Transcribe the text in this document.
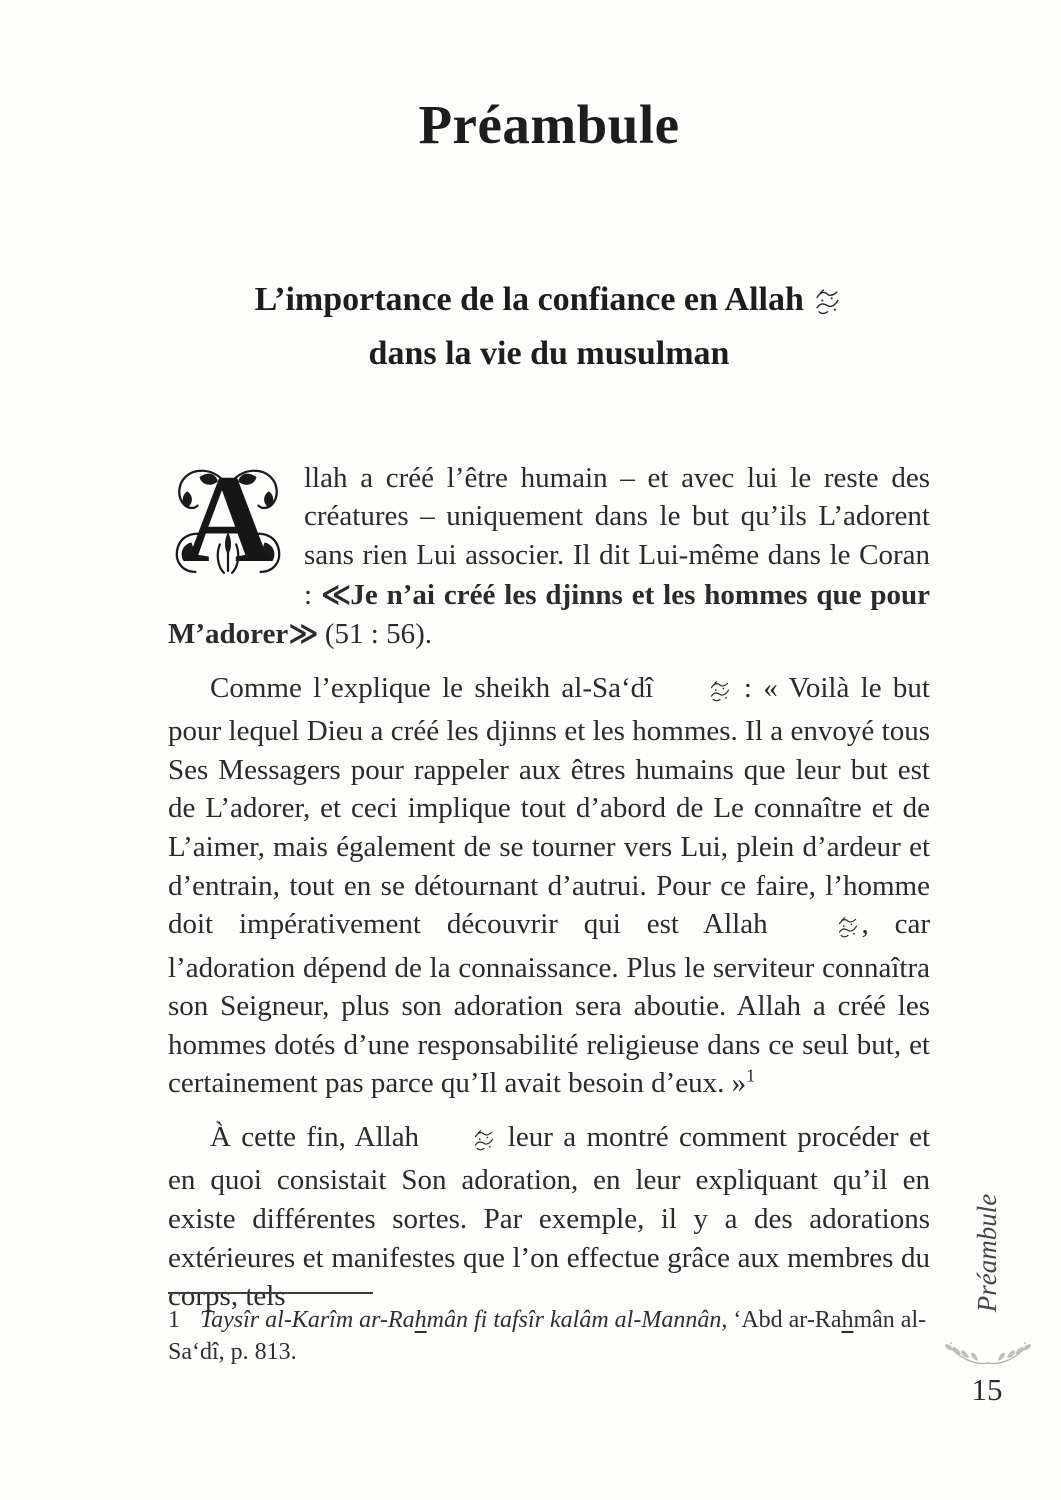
Préambule
L’importance de la confiance en Allah
dans la vie du musulman

A llah a créé l’être humain – et avec lui le reste des créatures – uniquement dans le but qu’ils L’adorent sans rien Lui associer. Il dit Lui-même dans le Coran : ≪Je n’ai créé les djinns et les hommes que pour M’adorer≫ (51 : 56).

Comme l’explique le sheikh al-Sa‘dî  : « Voilà le but pour lequel Dieu a créé les djinns et les hommes. Il a envoyé tous Ses Messagers pour rappeler aux êtres humains que leur but est de L’adorer, et ceci implique tout d’abord de Le connaître et de L’aimer, mais également de se tourner vers Lui, plein d’ardeur et d’entrain, tout en se détournant d’autrui. Pour ce faire, l’homme doit impérativement découvrir qui est Allah , car l’adoration dépend de la connaissance. Plus le serviteur connaîtra son Seigneur, plus son adoration sera aboutie. Allah a créé les hommes dotés d’une responsabilité religieuse dans ce seul but, et certainement pas parce qu’Il avait besoin d’eux. »$^1$

À cette fin, Allah  leur a montré comment procéder et en quoi consistait Son adoration, en leur expliquant qu’il en existe différentes sortes. Par exemple, il y a des adorations extérieures et manifestes que l’on effectue grâce aux membres du corps, tels

1 Taysîr al-Karîm ar-Rahmân fi tafsîr kalâm al-Mannân, ‘Abd ar-Rahmân al-Sa‘dî, p. 813.

Préambule
15
